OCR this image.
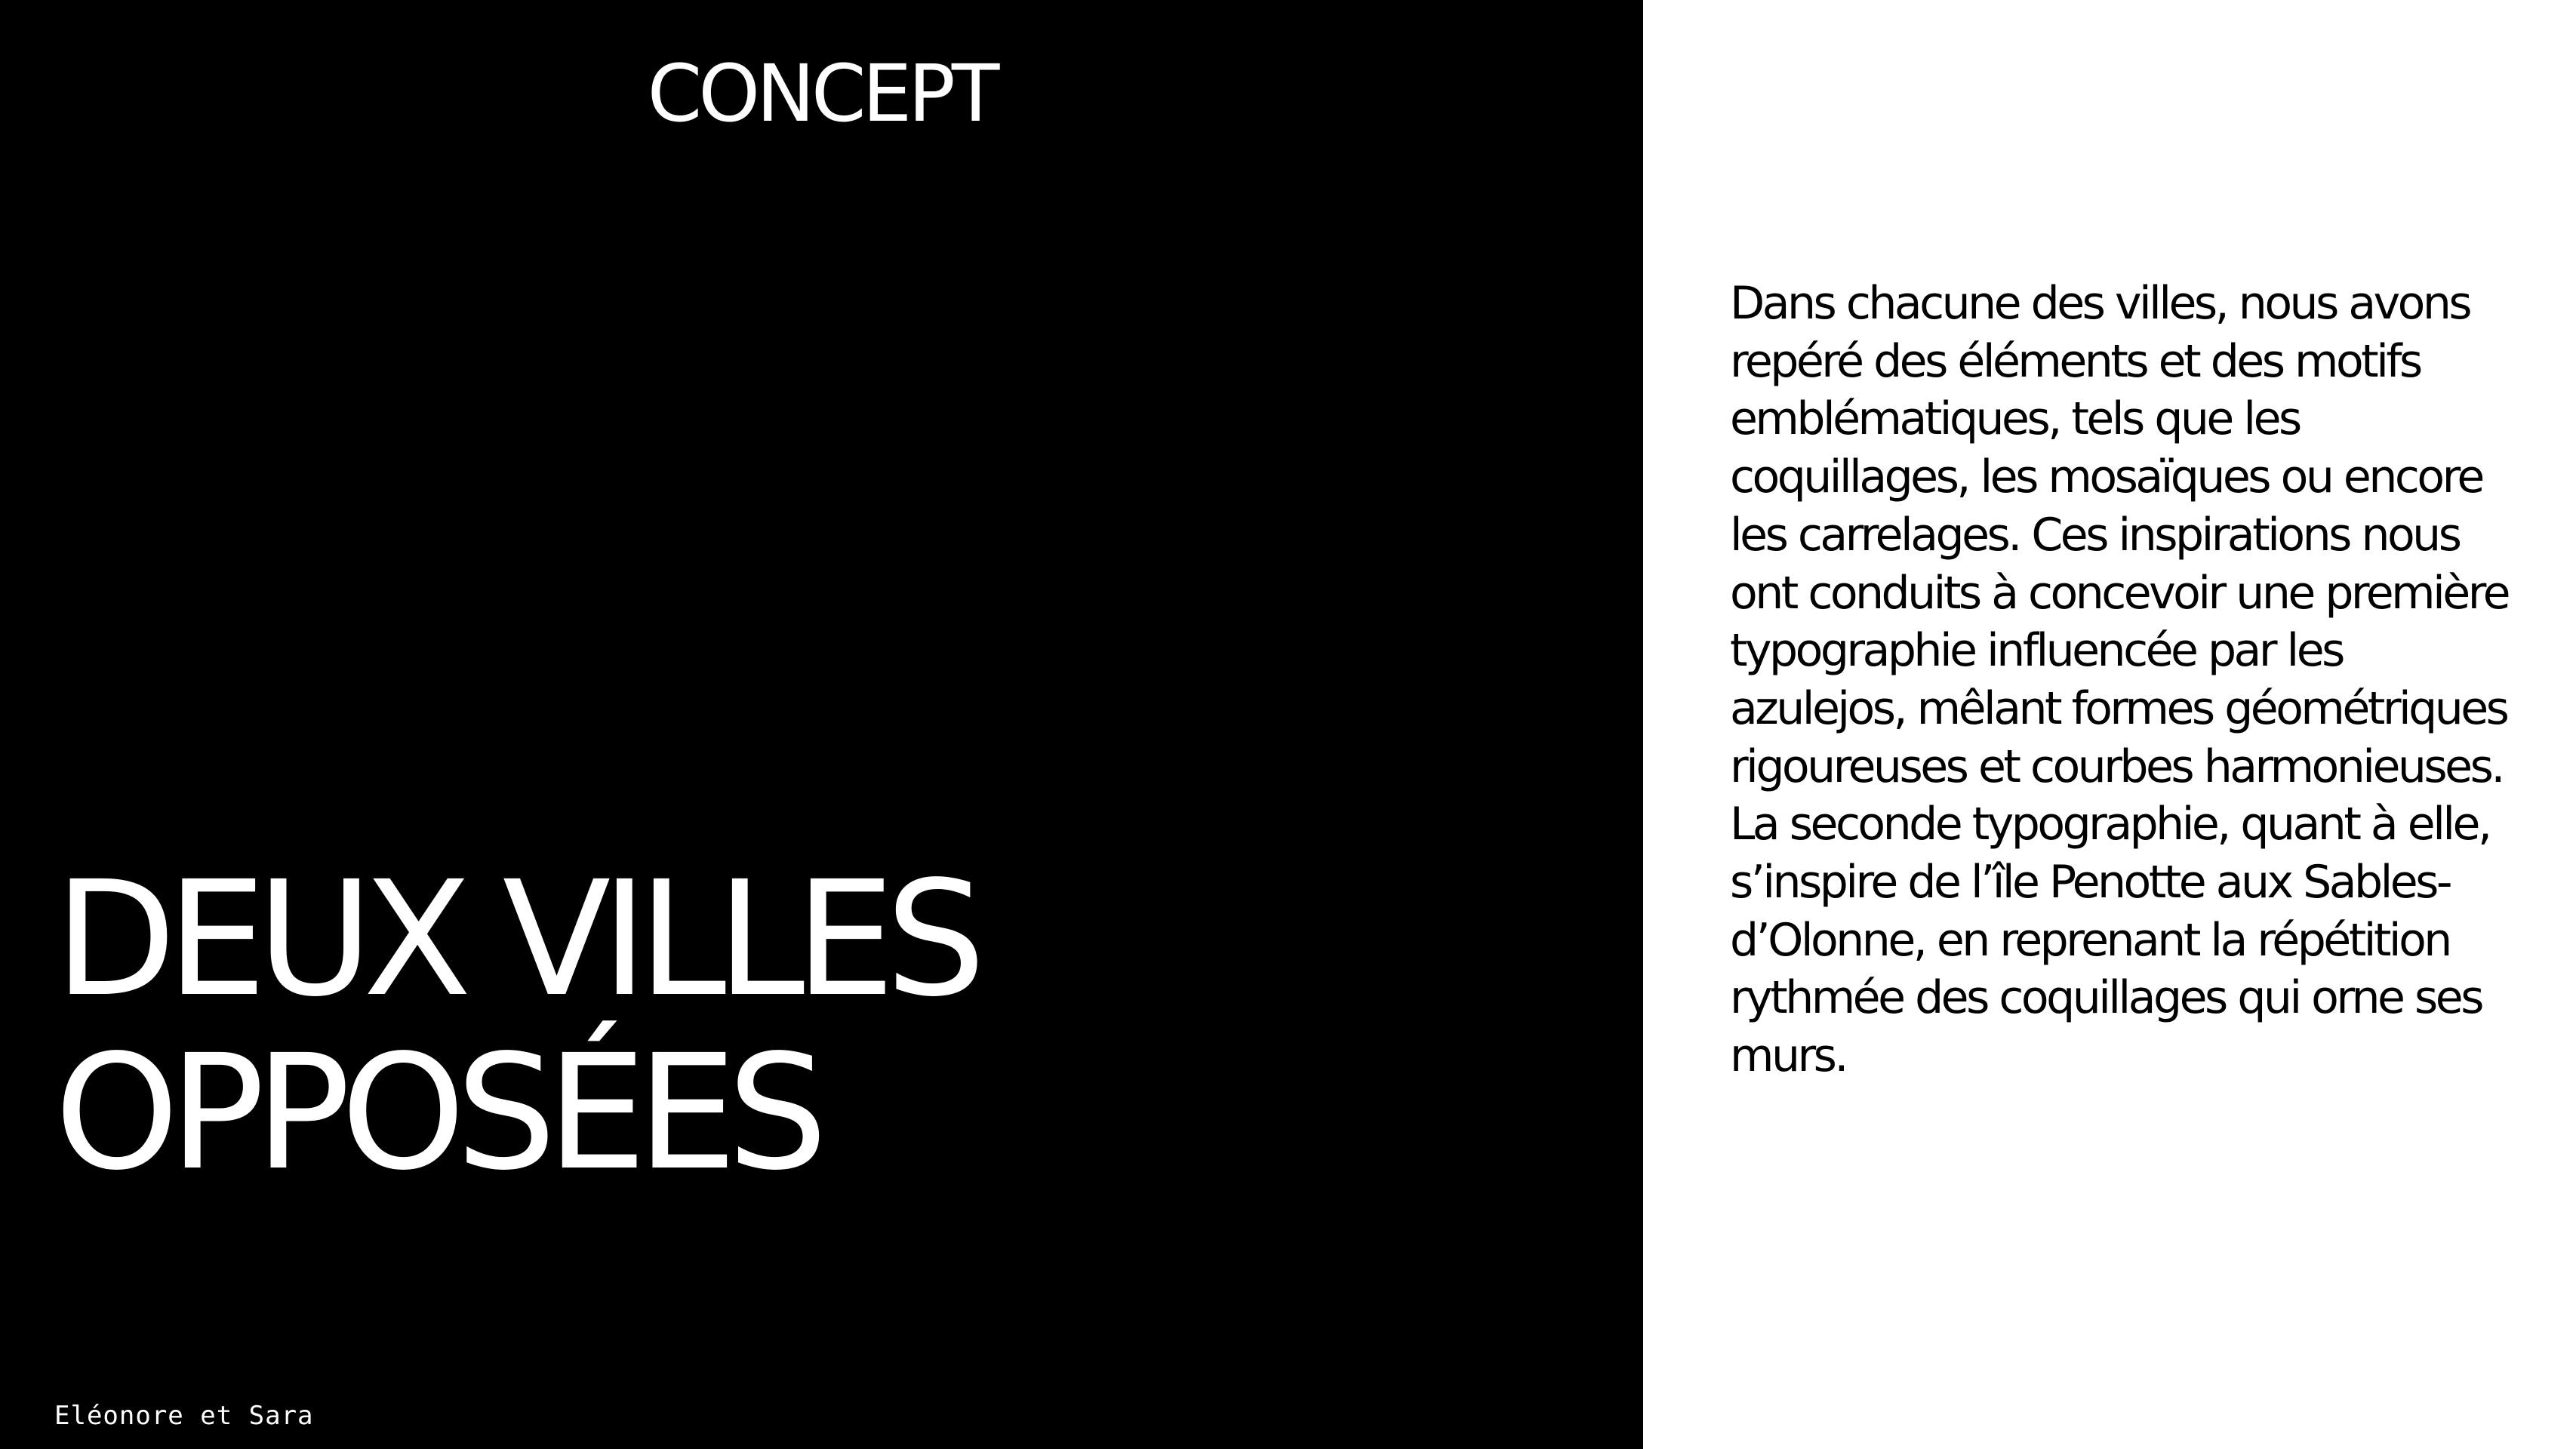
CONCEPT
DEUX VILLES
OPPOSÉES
Eléonore et Sara

Dans chacune des villes, nous avons repéré des éléments et des motifs emblématiques, tels que les coquillages, les mosaïques ou encore les carrelages. Ces inspirations nous ont conduits à concevoir une première typographie influencée par les azulejos, mêlant formes géométriques rigoureuses et courbes harmonieuses.

La seconde typographie, quant à elle, s’inspire de l’île Penotte aux Sables-d’Olonne, en reprenant la répétition rythmée des coquillages qui orne ses murs.
